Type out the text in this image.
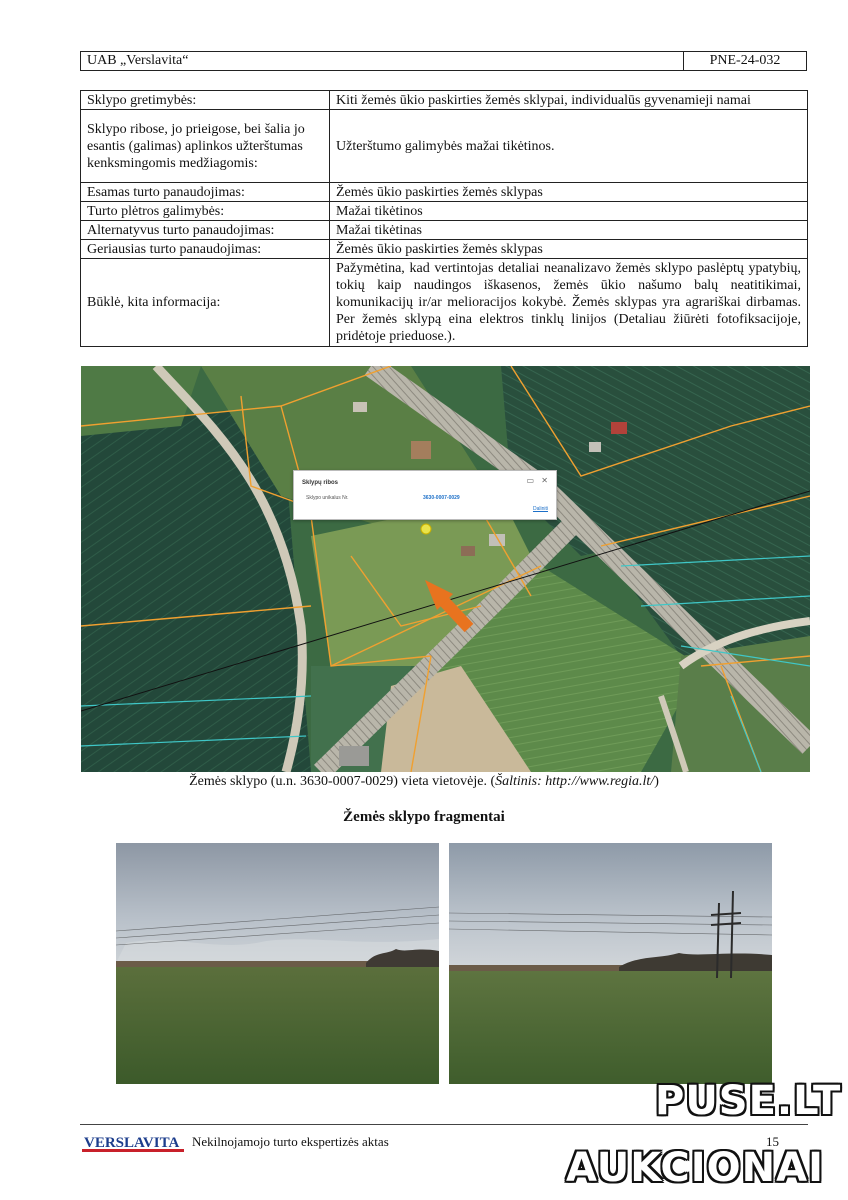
UAB „Verslavita“	PNE-24-032
Sklypo gretimybės:	Kiti žemės ūkio paskirties žemės sklypai, individualūs gyvenamieji namai
Sklypo ribose, jo prieigose, bei šalia jo esantis (galimas) aplinkos užterštumas kenksmingomis medžiagomis:	Užterštumo galimybės mažai tikėtinos.
Esamas turto panaudojimas:	Žemės ūkio paskirties žemės sklypas
Turto plėtros galimybės:	Mažai tikėtinos
Alternatyvus turto panaudojimas:	Mažai tikėtinas
Geriausias turto panaudojimas:	Žemės ūkio paskirties žemės sklypas
Būklė, kita informacija:	Pažymėtina, kad vertintojas detaliai neanalizavo žemės sklypo paslėptų ypatybių, tokių kaip naudingos iškasenos, žemės ūkio našumo balų neatitikimai, komunikacijų ir/ar melioracijos kokybė. Žemės sklypas yra agrariškai dirbamas. Per žemės sklypą eina elektros tinklų linijos (Detaliau žiūrėti fotofiksacijoje, pridėtoje prieduose.).
Sklypų ribos	▭ ✕
Sklypo unikalus Nr.	3630-0007-0029
Daliniti
Žemės sklypo (u.n. 3630-0007-0029) vieta vietovėje. (Šaltinis: http://www.regia.lt/)
Žemės sklypo fragmentai
VERSLAVITA Nekilnojamojo turto ekspertizės aktas	15
PUSE.LT
AUKCIONAI
